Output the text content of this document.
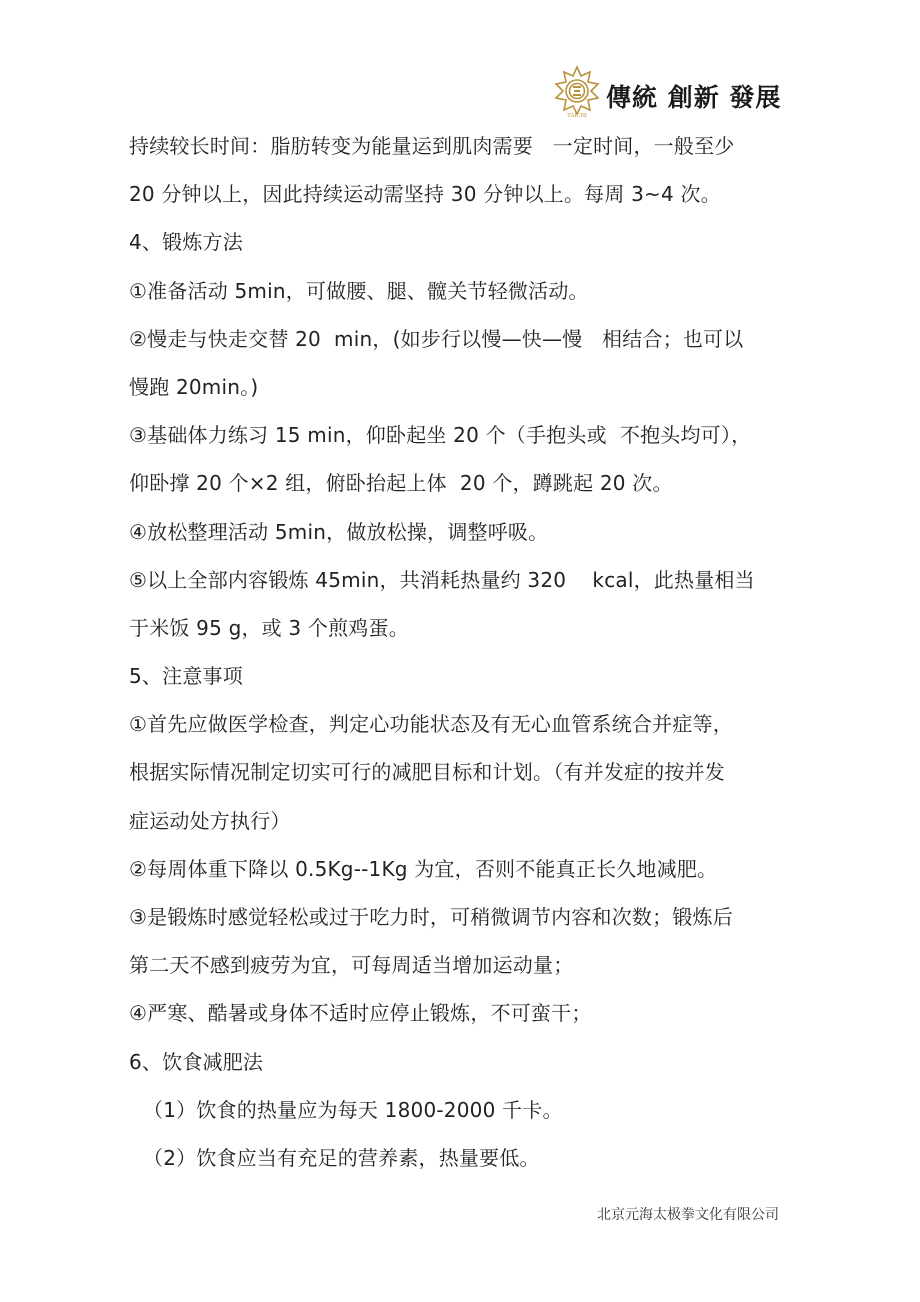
TAICHI
傳統 創新 發展
持续较长时间：脂肪转变为能量运到肌肉需要   一定时间，一般至少
20 分钟以上，因此持续运动需坚持 30 分钟以上。每周 3~4 次。
4、锻炼方法
①准备活动 5min，可做腰、腿、髋关节轻微活动。
②慢走与快走交替 20  min，(如步行以慢—快—慢   相结合；也可以
慢跑 20min。)
③基础体力练习 15 min，仰卧起坐 20 个（手抱头或  不抱头均可），
仰卧撑 20 个×2 组，俯卧抬起上体  20 个，蹲跳起 20 次。
④放松整理活动 5min，做放松操，调整呼吸。
⑤以上全部内容锻炼 45min，共消耗热量约 320    kcal，此热量相当
于米饭 95 g，或 3 个煎鸡蛋。
5、注意事项
①首先应做医学检查，判定心功能状态及有无心血管系统合并症等，
根据实际情况制定切实可行的减肥目标和计划。（有并发症的按并发
症运动处方执行）
②每周体重下降以 0.5Kg--1Kg 为宜，否则不能真正长久地减肥。
③是锻炼时感觉轻松或过于吃力时，可稍微调节内容和次数；锻炼后
第二天不感到疲劳为宜，可每周适当增加运动量；
④严寒、酷暑或身体不适时应停止锻炼，不可蛮干；
6、饮食减肥法
（1）饮食的热量应为每天 1800-2000 千卡。
（2）饮食应当有充足的营养素，热量要低。
北京元海太极拳文化有限公司
